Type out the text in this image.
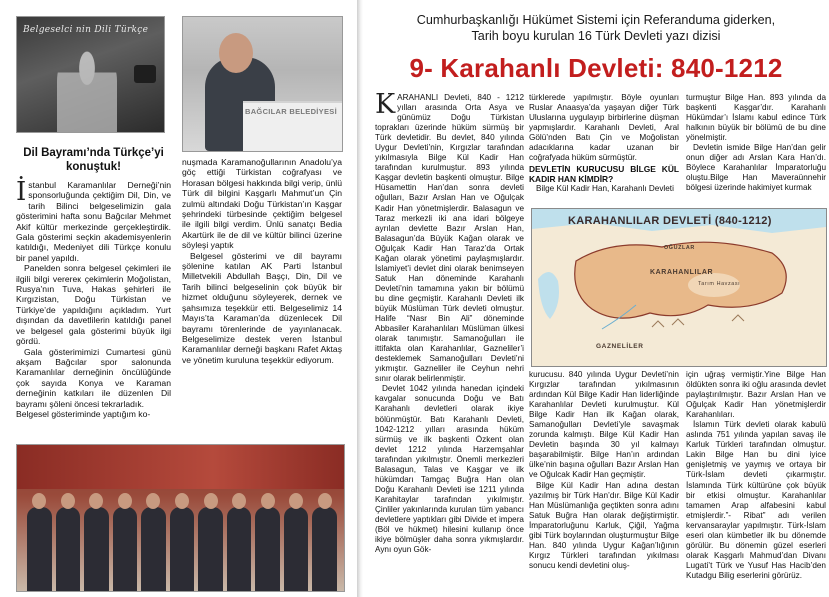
Belgeselci nin Dili Türkçe
BAĞCILAR BELEDİYESİ
Dil Bayramı’nda Türkçe’yi konuştuk!
İ stanbul Karamanlılar Derneği’nin sponsorluğunda çektiğim Dil, Din, ve tarih Bilinci belgeselimizin gala gösterimini hafta sonu Bağcılar Mehmet Akif kültür merkezinde gerçekleştirdik. Gala gösterimi seçkin akademisyenlerin katıldığı, Medeniyet dili Türkçe konulu bir panel yapıldı.

Panelden sonra belgesel çekimleri ile ilgili bilgi verereк çekimlerin Moğolistan, Rusya’nın Tuva, Hakas şehirleri ile Kırgızistan, Doğu Türkistan ve Türkiye’de yapıldığını açıkladım. Yurt dışından da davetlilerin katıldığı panel ve belgesel gala gösterimi büyük ilgi gördü.

Gala gösterimimizi Cumartesi günü akşam Bağcılar spor salonunda Karamanlılar derneğinin öncülüğünde çok sayıda Konya ve Karaman derneğinin katkıları ile düzenlen Dil bayramı şöleni öncesi tekrarladık.

Belgesel gösteriminde yaptığım ko-

nuşmada Karamanoğullarının Anadolu’ya göç ettiği Türkistan coğrafyası ve Horasan bölgesi hakkında bilgi verip, ünlü Türk dil bilgini Kaşgarlı Mahmut’un Çin zulmü altındaki Doğu Türkistan’ın Kaşgar şehrindeki türbesinde çektiğim belgesel ile ilgili bilgi verdim. Ünlü sanatçı Bedia Akartürk ile de dil ve kültür bilinci üzerine söyleşi yaptık

Belgesel gösterimi ve dil bayramı şölenine katılan AK Parti İstanbul Milletvekili Abdullah Başçı, Din, Dil ve Tarih bilinci belgeselinin çok büyük bir hizmet olduğunu söyleyerek, dernek ve şahsımıza teşekkür etti. Belgeselimiz 14 Mayıs’ta Karaman’da düzenlecek Dil bayramı törenlerinde de yayınlanacak. Belgeselimize destek veren İstanbul Karamanlılar derneği başkanı Rafet Aktaş ve yönetim kuruluna teşekkür ediyorum.

Cumhurbaşkanlığı Hükümet Sistemi için Referanduma giderken,
Tarih boyu kurulan 16 Türk Devleti yazı dizisi
9- Karahanlı Devleti: 840-1212
K ARAHANLI Devleti, 840 - 1212 yılları arasında Orta Asya ve günümüz Doğu Türkistan toprakları üzerinde hüküm sürmüş bir Türk devletidir. Bu devlet, 840 yılında Uygur Devleti’nin, Kırgızlar tarafından yıkılmasıyla Bilge Kül Kadir Han tarafından kurulmuştur. 893 yılında Kaşgar devletin başkenti olmuştur. Bilge Hüsamettin Han’dan sonra devleti oğulları, Bazır Arslan Han ve Oğulçak Kadir Han yönetmişlerdir. Balasagun ve Taraz merkezli iki ana idari bölgeye ayrılan devlette Bazır Arslan Han, Balasagun’da Büyük Kağan olarak ve Oğulçak Kadir Han Taraz’da Ortak Kağan olarak yönetimi paylaşmışlardır. İslamiyet’i devlet dini olarak benimseyen Satuk Han döneminde Karahanlı Devleti’nin tamamına yakın bir bölümü bu dine geçmiştir. Karahanlı Devleti ilk büyük Müslüman Türk devleti olmuştur. Halife “Nasr Bin Ali” döneminde Abbasiler Karahanlıları Müslüman ülkesi olarak tanımıştır. Samanoğulları ile ittifakta olan Karahanlılar, Gazneliler’i desteklemek Samanoğulları Devleti’ni yıkmıştır. Gazneliler ile Ceyhun nehri sınır olarak belirlenmiştir.

Devlet 1042 yılında hanedan içindeki kavgalar sonucunda Doğu ve Batı Karahanlı devletleri olarak ikiye bölünmüştür. Batı Karahanlı Devleti, 1042-1212 yılları arasında hüküm sürmüş ve ilk başkenti Özkent olan devlet 1212 yılında Harzemşahlar tarafından yıkılmıştır. Önemli merkezleri Balasagun, Talas ve Kaşgar ve ilk hükümdarı Tamgaç Buğra Han olan Doğu Karahanlı Devleti ise 1211 yılında Karahitaylar tarafından yıkılmıştır. Çinliler yakınlarında kurulan tüm yabancı devletlere yaptıkları gibi Divide et impera (Böl ve hükmet) hilesini kullanıp önce ikiye bölmüşler daha sonra yıkmışlardır. Aynı oyun Gök-

türklerede yapılmıştır. Böyle oyunları Ruslar Anaasya’da yaşayan diğer Türk Uluslarına uygulayıp birbirlerine düşman yapmışlardır. Karahanlı Devleti, Aral Gölü’nden Batı Çin ve Moğolistan adacıklarına kadar uzanan bir coğrafyada hüküm sürmüştür.

DEVLETİN KURUCUSU BİLGE KÜL KADIR HAN KİMDİR?

Bilge Kül Kadir Han, Karahanlı Devleti

turmuştur Bilge Han. 893 yılında da başkenti Kaşgar’dır. Karahanlı Hükümdar’ı İslamı kabul edince Türk halkının büyük bir bölümü de bu dine yönelmiştir.

Devletin ismide Bilge Han’dan gelir onun diğer adı Arslan Kara Han’dı. Böylece Karahanlılar İmparatorluğu oluştu.Bilge Han Maveraünnehir bölgesi üzerinde hakimiyet kurmak

KARAHANLILAR DEVLETİ (840-1212)
OĞUZLAR
KARAHANLILAR
GAZNELİLER
Tarım Havzası

kurucusu. 840 yılında Uygur Devleti’nin Kırgızlar tarafından yıkılmasının ardından Kül Bilge Kadir Han liderliğinde Karahanlılar Devleti kurulmuştur. Kül Bilge Kadir Han ilk Kağan olarak, Samanoğulları Devleti’yle savaşmak zorunda kalmıştı. Bilge Kül Kadir Han Devletin başında 30 yıl kalmayı başarabilmiştir. Bilge Han’ın ardından ülke’nin başına oğulları Bazır Arslan Han ve Oğulcak Kadir Han geçmiştir.

Bilge Kül Kadir Han adına destan yazılmış bir Türk Han’dır. Bilge Kül Kadir Han Müslümanlığa geçtikten sonra adını Satuk Buğra Han olarak değiştirmiştir. İmparatorluğunu Karluk, Çiğil, Yağma gibi Türk boylarından oluşturmuştur Bilge Han. 840 yılında Uygur Kağan’lığının Kırgız Türkleri tarafından yıkılması sonucu kendi devletini oluş-

için uğraş vermiştir.Yine Bilge Han öldükten sonra iki oğlu arasında devlet paylaştırılmıştır. Bazır Arslan Han ve Oğulçak Kadir Han yönetmişlerdir Karahanlıları.

İslamın Türk devleti olarak kabulü aslında 751 yılında yapılan savaş ile Karluk Türkleri tarafından olmuştur. Lakin Bilge Han bu dini iyice genişletmiş ve yaymış ve ortaya bir Türk-İslam devleti çıkarmıştır. İslamında Türk kültürüne çok büyük bir etkisi olmuştur. Karahanlılar tamamen Arap alfabesini kabul etmişlerdir.”- Ribat” adı verilen kervansaraylar yapılmıştır. Türk-İslam eseri olan kümbetler ilk bu dönemde görülür. Bu dönemin güzel eserleri olarak Kaşgarlı Mahmud’dan Divanı Lugati’t Türk ve Yusuf Has Hacib’den Kutadgu Bilig eserlerini görürüz.
